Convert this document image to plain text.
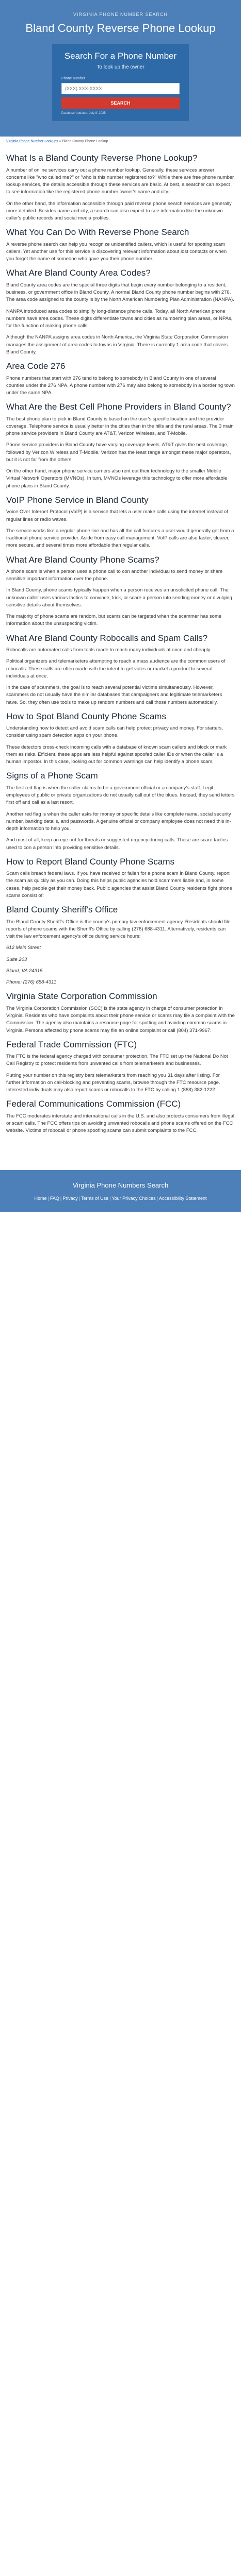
VIRGINIA PHONE NUMBER SEARCH
Bland County Reverse Phone Lookup
Search For a Phone Number
To look up the owner
Phone number
(XXX) XXX-XXXX
SEARCH
Database Updated: July 8, 2025
Virginia Phone Number Lookups » Bland County Phone Lookup
What Is a Bland County Reverse Phone Lookup?

A number of online services carry out a phone number lookup. Generally, these services answer concerns like "who called me?" or "who is this number registered to?" While there are free phone number lookup services, the details accessible through these services are basic. At best, a searcher can expect to see information like the registered phone number owner's name and city.

On the other hand, the information accessible through paid reverse phone search services are generally more detailed. Besides name and city, a search can also expect to see information like the unknown caller's public records and social media profiles.

What You Can Do With Reverse Phone Search

A reverse phone search can help you recognize unidentified callers, which is useful for spotting scam callers. Yet another use for this service is discovering relevant information about lost contacts or when you forget the name of someone who gave you their phone number.

What Are Bland County Area Codes?

Bland County area codes are the special three digits that begin every number belonging to a resident, business, or government office in Bland County. A normal Bland County phone number begins with 276. The area code assigned to the county is by the North American Numbering Plan Administration (NANPA).

NANPA introduced area codes to simplify long-distance phone calls. Today, all North American phone numbers have area codes. These digits differentiate towns and cities as numbering plan areas, or NPAs, for the function of making phone calls.

Although the NANPA assigns area codes in North America, the Virginia State Corporation Commission manages the assignment of area codes to towns in Virginia. There is currently 1 area code that covers Bland County.

Area Code 276

Phone numbers that start with 276 tend to belong to somebody in Bland County in one of several counties under the 276 NPA. A phone number with 276 may also belong to somebody in a bordering town under the same NPA.

What Are the Best Cell Phone Providers in Bland County?

The best phone plan to pick in Bland County is based on the user's specific location and the provider coverage. Telephone service is usually better in the cities than in the hills and the rural areas. The 3 main phone service providers in Bland County are AT&T, Verizon Wireless, and T-Mobile.

Phone service providers in Bland County have varying coverage levels. AT&T gives the best coverage, followed by Verizon Wireless and T-Mobile. Verizon has the least range amongst these major operators, but it is not far from the others.

On the other hand, major phone service carriers also rent out their technology to the smaller Mobile Virtual Network Operators (MVNOs). In turn, MVNOs leverage this technology to offer more affordable phone plans in Bland County.

VoIP Phone Service in Bland County

Voice Over Internet Protocol (VoIP) is a service that lets a user make calls using the internet instead of regular lines or radio waves.

The service works like a regular phone line and has all the call features a user would generally get from a traditional phone service provider. Aside from easy call management, VoIP calls are also faster, clearer, more secure, and several times more affordable than regular calls.

What Are Bland County Phone Scams?

A phone scam is when a person uses a phone call to con another individual to send money or share sensitive important information over the phone.

In Bland County, phone scams typically happen when a person receives an unsolicited phone call. The unknown caller uses various tactics to convince, trick, or scare a person into sending money or divulging sensitive details about themselves.

The majority of phone scams are random, but scams can be targeted when the scammer has some information about the unsuspecting victim.

What Are Bland County Robocalls and Spam Calls?

Robocalls are automated calls from tools made to reach many individuals at once and cheaply.

Political organizers and telemarketers attempting to reach a mass audience are the common users of robocalls. These calls are often made with the intent to get votes or market a product to several individuals at once.

In the case of scammers, the goal is to reach several potential victims simultaneously. However, scammers do not usually have the similar databases that campaigners and legitimate telemarketers have. So, they often use tools to make up random numbers and call those numbers automatically.

How to Spot Bland County Phone Scams

Understanding how to detect and avoid scam calls can help protect privacy and money. For starters, consider using spam detection apps on your phone.

These detectors cross-check incoming calls with a database of known scam callers and block or mark them as risks. Efficient, these apps are less helpful against spoofed caller IDs or when the caller is a human impostor. In this case, looking out for common warnings can help identify a phone scam.

Signs of a Phone Scam

The first red flag is when the caller claims to be a government official or a company's staff. Legit employees of public or private organizations do not usually call out of the blues. Instead, they send letters first off and call as a last resort.

Another red flag is when the caller asks for money or specific details like complete name, social security number, banking details, and passwords. A genuine official or company employee does not need this in-depth information to help you.

And most of all, keep an eye out for threats or suggested urgency during calls. These are scare tactics used to con a person into providing sensitive details.

How to Report Bland County Phone Scams

Scam calls breach federal laws. If you have received or fallen for a phone scam in Bland County, report the scam as quickly as you can. Doing this helps public agencies hold scammers liable and, in some cases, help people get their money back. Public agencies that assist Bland County residents fight phone scams consist of:

Bland County Sheriff's Office

The Bland County Sheriff's Office is the county's primary law enforcement agency. Residents should file reports of phone scams with the Sheriff's Office by calling (276) 688-4311. Alternatively, residents can visit the law enforcement agency's office during service hours:

612 Main Street

Suite 203

Bland, VA 24315

Phone: (276) 688-4311

Virginia State Corporation Commission

The Virginia Corporation Commission (SCC) is the state agency in charge of consumer protection in Virginia. Residents who have complaints about their phone service or scams may file a complaint with the Commission. The agency also maintains a resource page for spotting and avoiding common scams in Virginia. Persons affected by phone scams may file an online complaint or call (804) 371-9967.

Federal Trade Commission (FTC)

The FTC is the federal agency charged with consumer protection. The FTC set up the National Do Not Call Registry to protect residents from unwanted calls from telemarketers and businesses.

Putting your number on this registry bars telemarketers from reaching you 31 days after listing. For further information on call-blocking and preventing scams, browse through the FTC resource page. Interested individuals may also report scams or robocalls to the FTC by calling 1 (888) 382-1222.

Federal Communications Commission (FCC)

The FCC moderates interstate and international calls in the U.S. and also protects consumers from illegal or scam calls. The FCC offers tips on avoiding unwanted robocalls and phone scams offered on the FCC website. Victims of robocall or phone spoofing scams can submit complaints to the FCC.

Virginia Phone Numbers Search
Home | FAQ | Privacy | Terms of Use | Your Privacy Choices | Accessibility Statement
